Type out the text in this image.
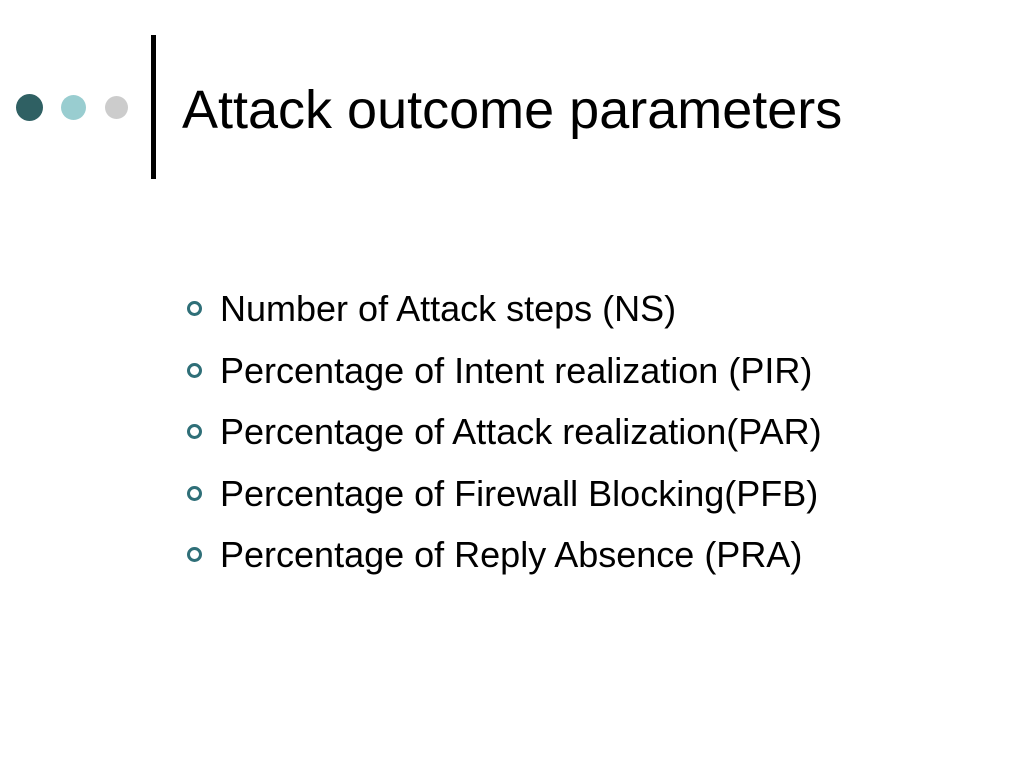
Attack outcome parameters
Number of Attack steps (NS)
Percentage of Intent realization (PIR)
Percentage of Attack realization(PAR)
Percentage of Firewall Blocking(PFB)
Percentage of Reply Absence (PRA)
